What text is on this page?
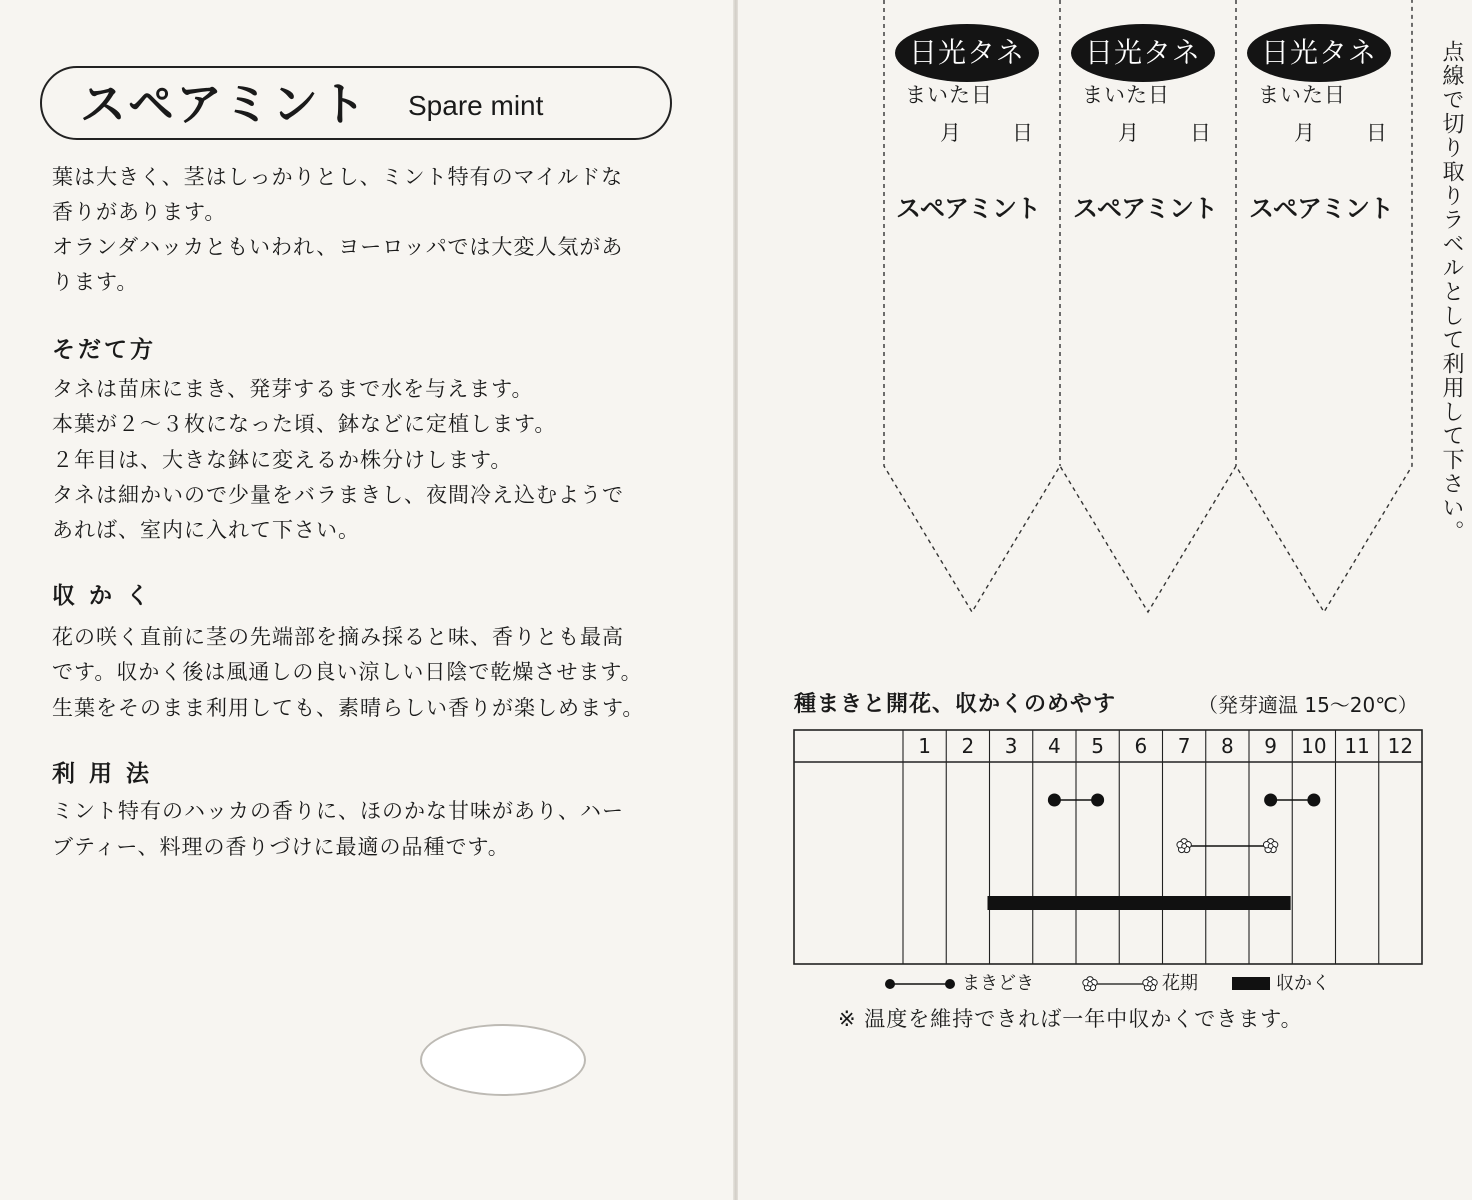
スペアミント Spare mint
葉は大きく、茎はしっかりとし、ミント特有のマイルドな
香りがあります。
オランダハッカともいわれ、ヨーロッパでは大変人気があ
ります。
そだて方
タネは苗床にまき、発芽するまで水を与えます。
本葉が２～３枚になった頃、鉢などに定植します。
２年目は、大きな鉢に変えるか株分けします。
タネは細かいので少量をバラまきし、夜間冷え込むようで
あれば、室内に入れて下さい。
収 か く
花の咲く直前に茎の先端部を摘み採ると味、香りとも最高
です。収かく後は風通しの良い涼しい日陰で乾燥させます。
生葉をそのまま利用しても、素晴らしい香りが楽しめます。
利 用 法
ミント特有のハッカの香りに、ほのかな甘味があり、ハー
ブティー、料理の香りづけに最適の品種です。
日光タネ
まいた日
月 日
スペアミント
日光タネ
まいた日
月 日
スペアミント
日光タネ
まいた日
月 日
スペアミント	点線で切り取りラベルとして利用して下さい。
種まきと開花、収かくのめやす	（発芽適温 15～20℃）
1 2 3 4 5 6 7 8 9 10 11 12
まきどき	花期	収かく
※ 温度を維持できれば一年中収かくできます。
